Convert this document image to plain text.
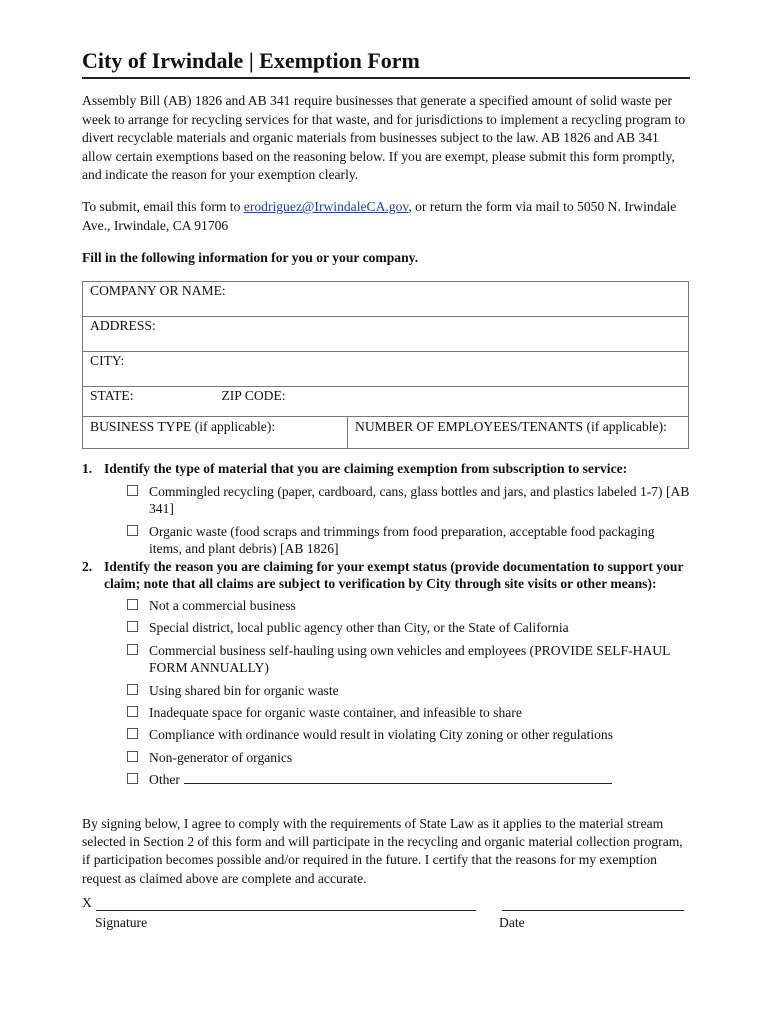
City of Irwindale | Exemption Form

Assembly Bill (AB) 1826 and AB 341 require businesses that generate a specified amount of solid waste per week to arrange for recycling services for that waste, and for jurisdictions to implement a recycling program to divert recyclable materials and organic materials from businesses subject to the law. AB 1826 and AB 341 allow certain exemptions based on the reasoning below. If you are exempt, please submit this form promptly, and indicate the reason for your exemption clearly.

To submit, email this form to erodriguez@IrwindaleCA.gov, or return the form via mail to 5050 N. Irwindale Ave., Irwindale, CA 91706

Fill in the following information for you or your company.

COMPANY OR NAME:
ADDRESS:
CITY:
STATE:	ZIP CODE:
BUSINESS TYPE (if applicable):	NUMBER OF EMPLOYEES/TENANTS (if applicable):
1. Identify the type of material that you are claiming exemption from subscription to service:
Commingled recycling (paper, cardboard, cans, glass bottles and jars, and plastics labeled 1-7) [AB 341]
Organic waste (food scraps and trimmings from food preparation, acceptable food packaging items, and plant debris) [AB 1826]
2. Identify the reason you are claiming for your exempt status (provide documentation to support your claim; note that all claims are subject to verification by City through site visits or other means):
Not a commercial business
Special district, local public agency other than City, or the State of California
Commercial business self-hauling using own vehicles and employees (PROVIDE SELF-HAUL FORM ANNUALLY)
Using shared bin for organic waste
Inadequate space for organic waste container, and infeasible to share
Compliance with ordinance would result in violating City zoning or other regulations
Non-generator of organics
Other

By signing below, I agree to comply with the requirements of State Law as it applies to the material stream selected in Section 2 of this form and will participate in the recycling and organic material collection program, if participation becomes possible and/or required in the future. I certify that the reasons for my exemption request as claimed above are complete and accurate.

X
Signature	Date
